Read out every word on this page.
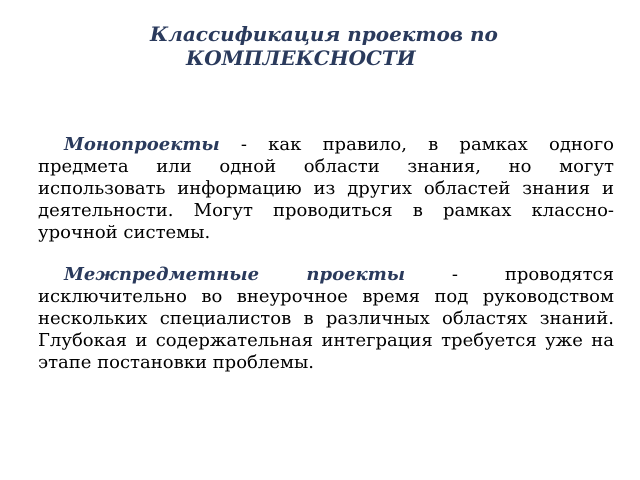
Классификация проектов по
КОМПЛЕКСНОСТИ

Монопроекты - как правило, в рамках одного предмета или одной области знания, но могут использовать информацию из других областей знания и деятельности. Могут проводиться в рамках классно-урочной системы.

Межпредметные проекты - проводятся исключительно во внеурочное время под руководством нескольких специалистов в различных областях знаний. Глубокая и содержательная интеграция требуется уже на этапе постановки проблемы.
